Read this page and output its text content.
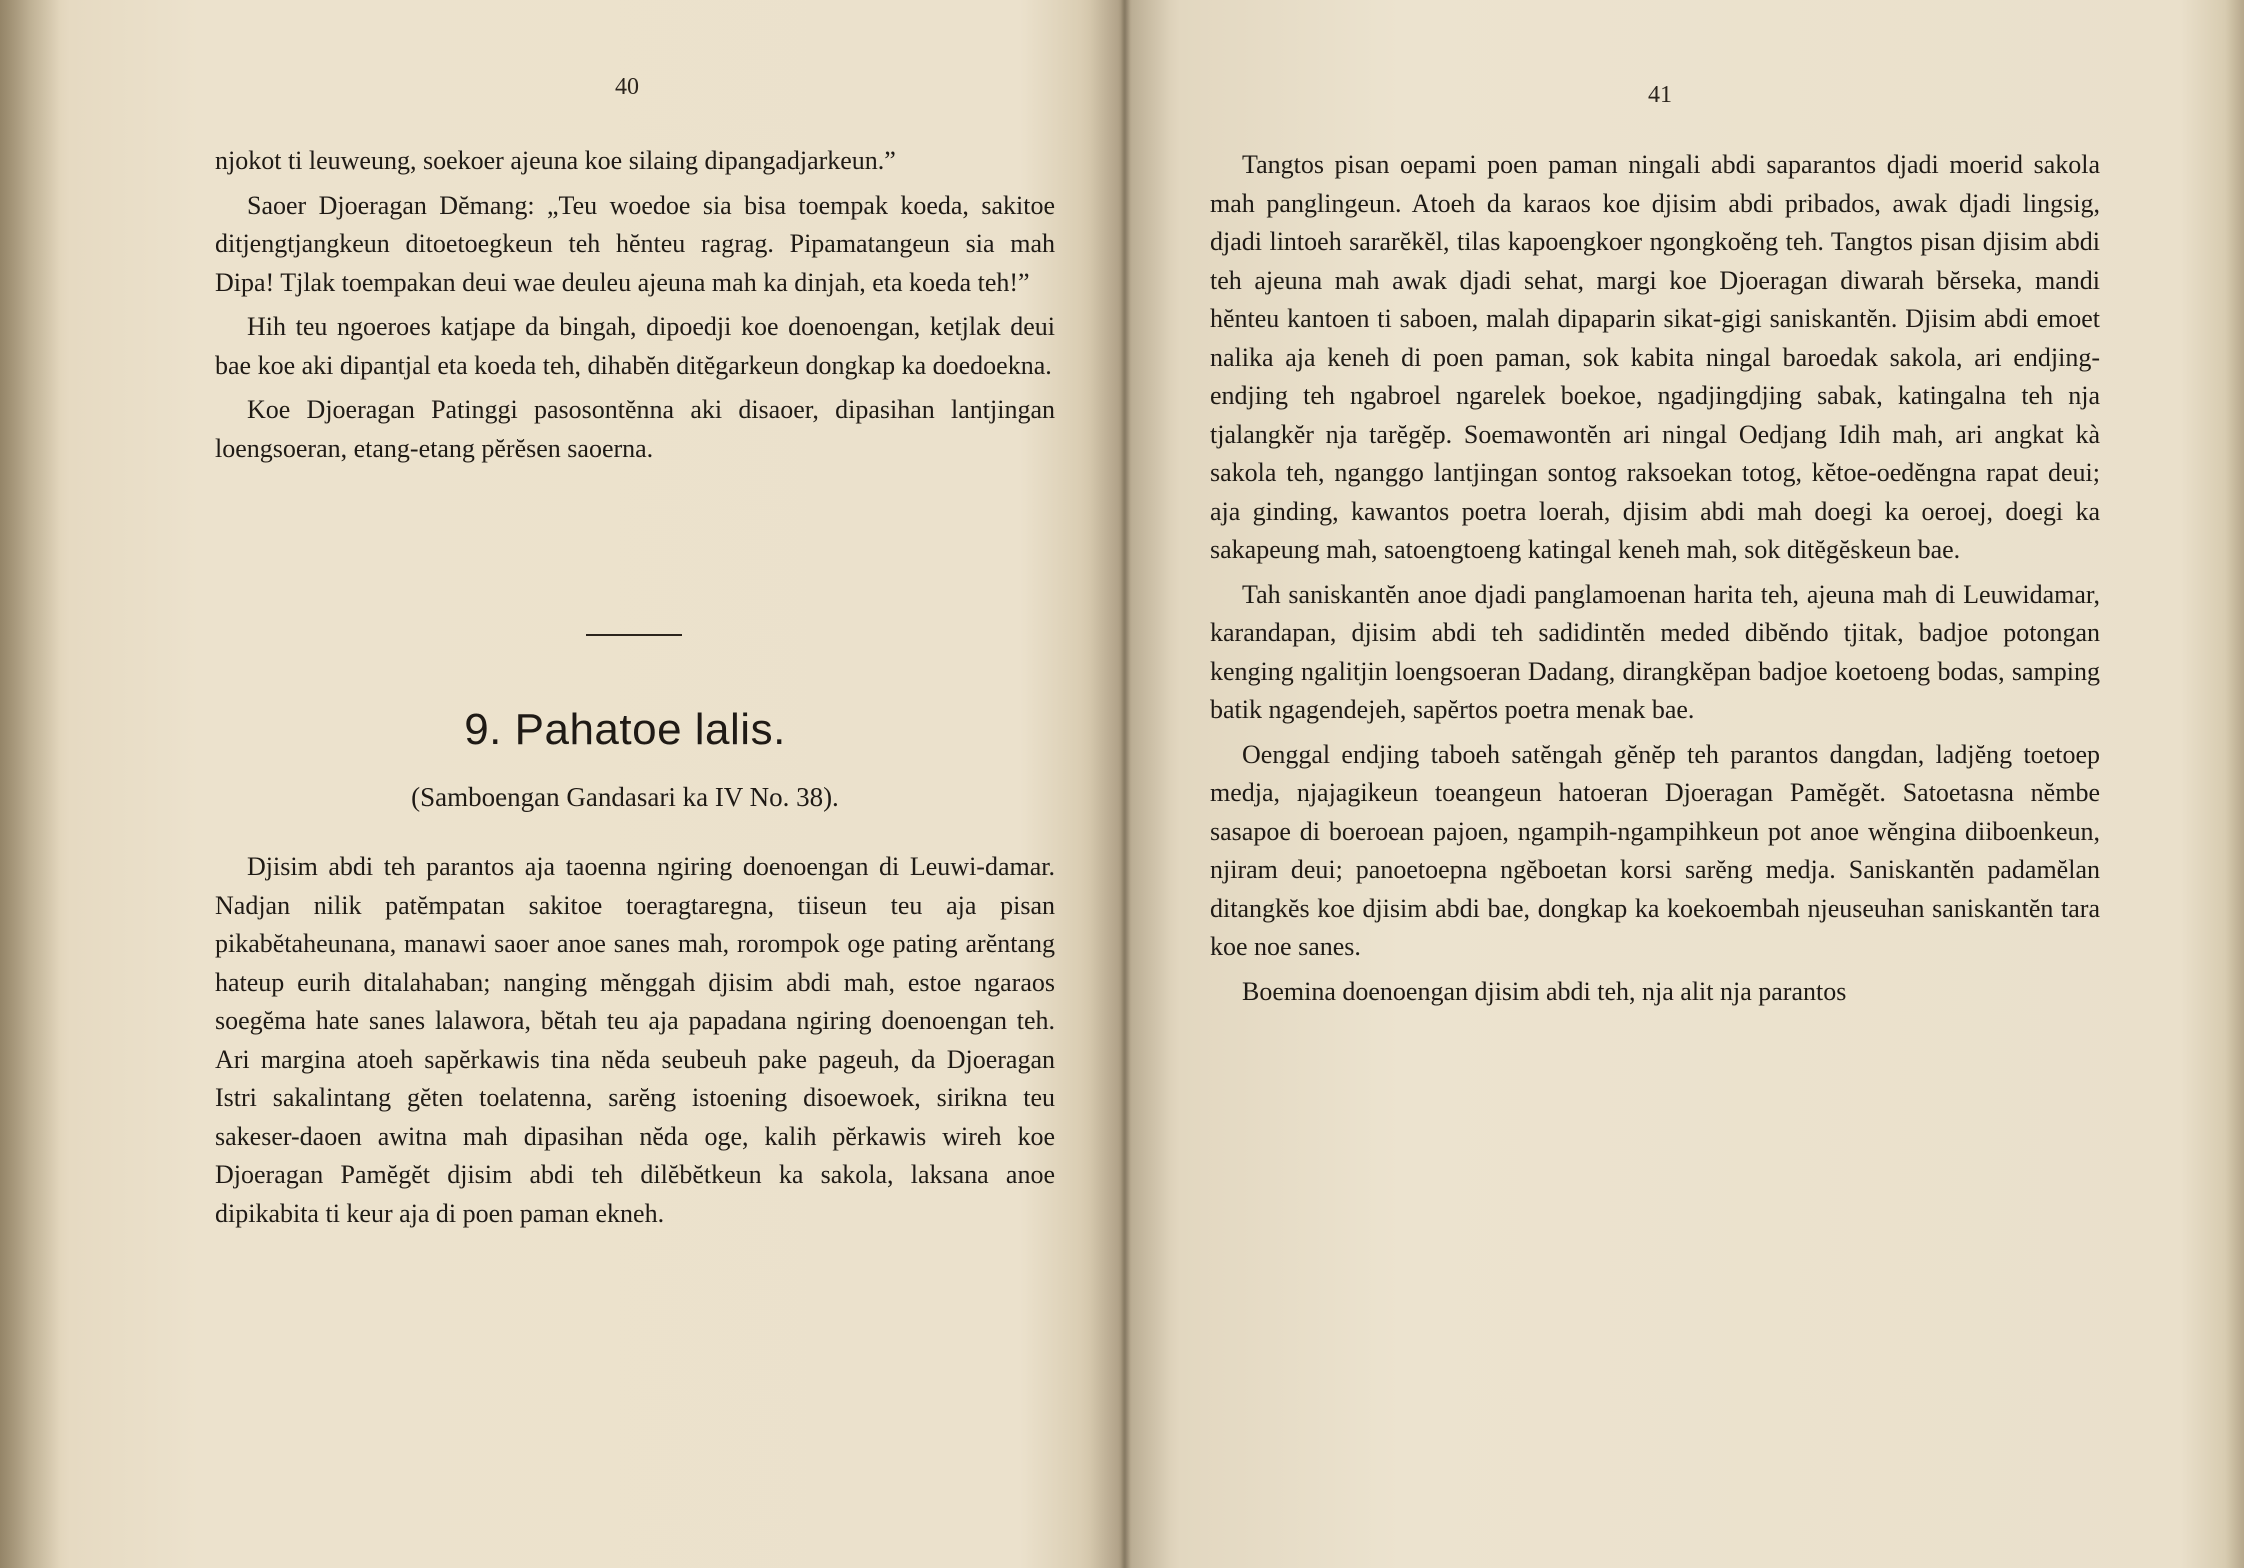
40

njokot ti leuweung, soekoer ajeuna koe silaing dipangadjarkeun.”

Saoer Djoeragan Dĕmang: „Teu woedoe sia bisa toempak koeda, sakitoe ditjengtjangkeun ditoetoegkeun teh hĕnteu ragrag. Pipamatangeun sia mah Dipa! Tjlak toempakan deui wae deuleu ajeuna mah ka dinjah, eta koeda teh!”

Hih teu ngoeroes katjape da bingah, dipoedji koe doenoengan, ketjlak deui bae koe aki dipantjal eta koeda teh, dihabĕn ditĕgarkeun dongkap ka doedoekna.

Koe Djoeragan Patinggi pasosontĕnna aki disaoer, dipasihan lantjingan loengsoeran, etang-etang pĕrĕsen saoerna.

9. Pahatoe lalis.
(Samboengan Gandasari ka IV No. 38).

Djisim abdi teh parantos aja taoenna ngiring doenoengan di Leuwi-damar. Nadjan nilik patĕmpatan sakitoe toeragtaregna, tiiseun teu aja pisan pikabĕtaheunana, manawi saoer anoe sanes mah, rorompok oge pating arĕntang hateup eurih ditalahaban; nanging mĕnggah djisim abdi mah, estoe ngaraos soegĕma hate sanes lalawora, bĕtah teu aja papadana ngiring doenoengan teh. Ari margina atoeh sapĕrkawis tina nĕda seubeuh pake pageuh, da Djoeragan Istri sakalintang gĕten toelatenna, sarĕng istoening disoewoek, sirikna teu sakeser-daoen awitna mah dipasihan nĕda oge, kalih pĕrkawis wireh koe Djoeragan Pamĕgĕt djisim abdi teh dilĕbĕtkeun ka sakola, laksana anoe dipikabita ti keur aja di poen paman ekneh.

41

Tangtos pisan oepami poen paman ningali abdi saparantos djadi moerid sakola mah panglingeun. Atoeh da karaos koe djisim abdi pribados, awak djadi lingsig, djadi lintoeh sararĕkĕl, tilas kapoengkoer ngongkoĕng teh. Tangtos pisan djisim abdi teh ajeuna mah awak djadi sehat, margi koe Djoeragan diwarah bĕrseka, mandi hĕnteu kantoen ti saboen, malah dipaparin sikat-gigi saniskantĕn. Djisim abdi emoet nalika aja keneh di poen paman, sok kabita ningal baroedak sakola, ari endjing-endjing teh ngabroel ngarelek boekoe, ngadjingdjing sabak, katingalna teh nja tjalangkĕr nja tarĕgĕp. Soemawontĕn ari ningal Oedjang Idih mah, ari angkat kà sakola teh, nganggo lantjingan sontog raksoekan totog, kĕtoe-oedĕngna rapat deui; aja ginding, kawantos poetra loerah, djisim abdi mah doegi ka oeroej, doegi ka sakapeung mah, satoengtoeng katingal keneh mah, sok ditĕgĕskeun bae.

Tah saniskantĕn anoe djadi panglamoenan harita teh, ajeuna mah di Leuwidamar, karandapan, djisim abdi teh sadidintĕn meded dibĕndo tjitak, badjoe potongan kenging ngalitjin loengsoeran Dadang, dirangkĕpan badjoe koetoeng bodas, samping batik ngagendejeh, sapĕrtos poetra menak bae.

Oenggal endjing taboeh satĕngah gĕnĕp teh parantos dangdan, ladjĕng toetoep medja, njajagikeun toeangeun hatoeran Djoeragan Pamĕgĕt. Satoetasna nĕmbe sasapoe di boeroean pajoen, ngampih-ngampihkeun pot anoe wĕngina diiboenkeun, njiram deui; panoetoepna ngĕboetan korsi sarĕng medja. Saniskantĕn padamĕlan ditangkĕs koe djisim abdi bae, dongkap ka koekoembah njeuseuhan saniskantĕn tara koe noe sanes.

Boemina doenoengan djisim abdi teh, nja alit nja parantos
